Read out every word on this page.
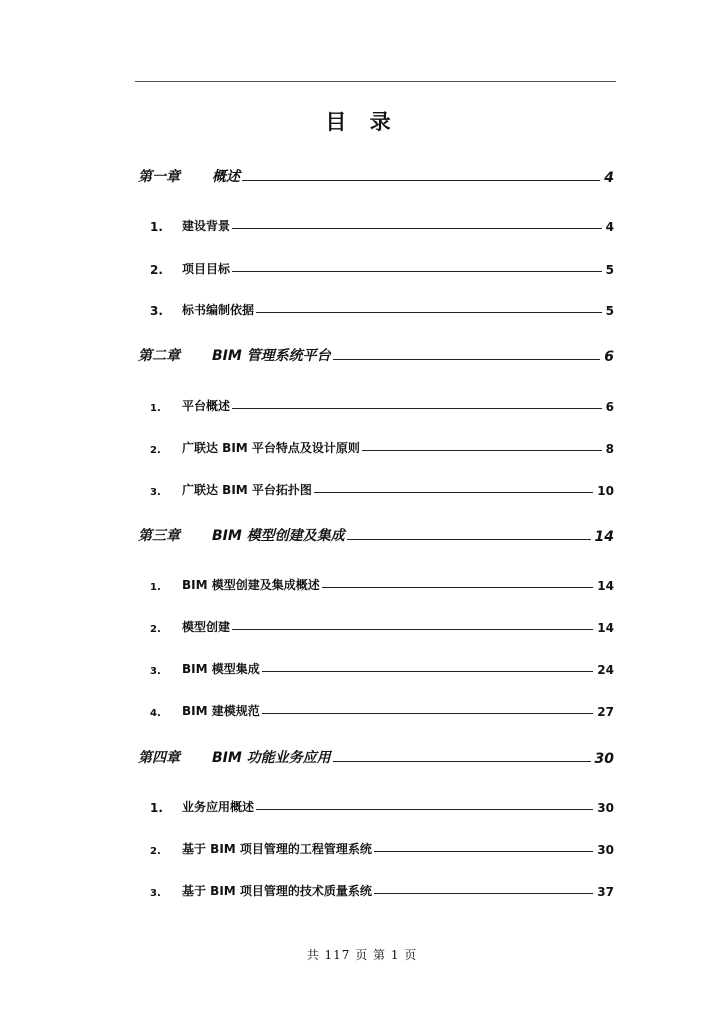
目 录
第一章	概述	4
1.	建设背景	4
2.	项目目标	5
3.	标书编制依据	5
第二章	BIM 管理系统平台	6
1.	平台概述	6
2.	广联达 BIM 平台特点及设计原则	8
3.	广联达 BIM 平台拓扑图	10
第三章	BIM 模型创建及集成	14
1.	BIM 模型创建及集成概述	14
2.	模型创建	14
3.	BIM 模型集成	24
4.	BIM 建模规范	27
第四章	BIM 功能业务应用	30
1.	业务应用概述	30
2.	基于 BIM 项目管理的工程管理系统	30
3.	基于 BIM 项目管理的技术质量系统	37
共 117 页 第 1 页
